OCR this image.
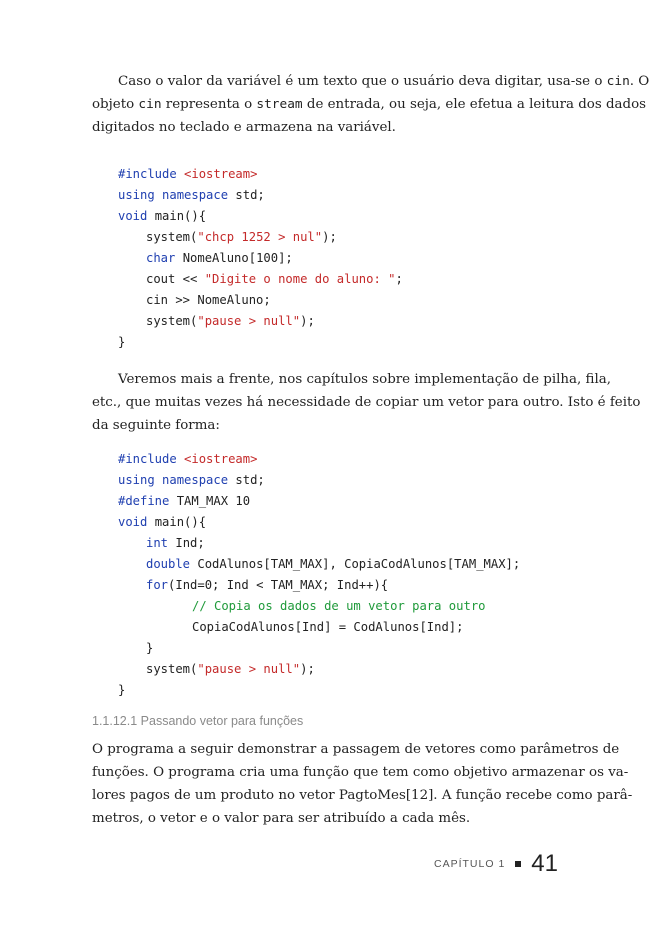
Caso o valor da variável é um texto que o usuário deva digitar, usa-se o cin. O
objeto cin representa o stream de entrada, ou seja, ele efetua a leitura dos dados
digitados no teclado e armazena na variável.
#include <iostream>
using namespace std;
void main(){
system("chcp 1252 > nul");
char NomeAluno[100];
cout << "Digite o nome do aluno: ";
cin >> NomeAluno;
system("pause > null");
}
Veremos mais a frente, nos capítulos sobre implementação de pilha, fila,
etc., que muitas vezes há necessidade de copiar um vetor para outro. Isto é feito
da seguinte forma:
#include <iostream>
using namespace std;
#define TAM_MAX 10
void main(){
int Ind;
double CodAlunos[TAM_MAX], CopiaCodAlunos[TAM_MAX];
for(Ind=0; Ind < TAM_MAX; Ind++){
// Copia os dados de um vetor para outro
CopiaCodAlunos[Ind] = CodAlunos[Ind];
}
system("pause > null");
}
1.1.12.1 Passando vetor para funções
O programa a seguir demonstrar a passagem de vetores como parâmetros de
funções. O programa cria uma função que tem como objetivo armazenar os va-
lores pagos de um produto no vetor PagtoMes[12]. A função recebe como parâ-
metros, o vetor e o valor para ser atribuído a cada mês.
CAPÍTULO 1 41
